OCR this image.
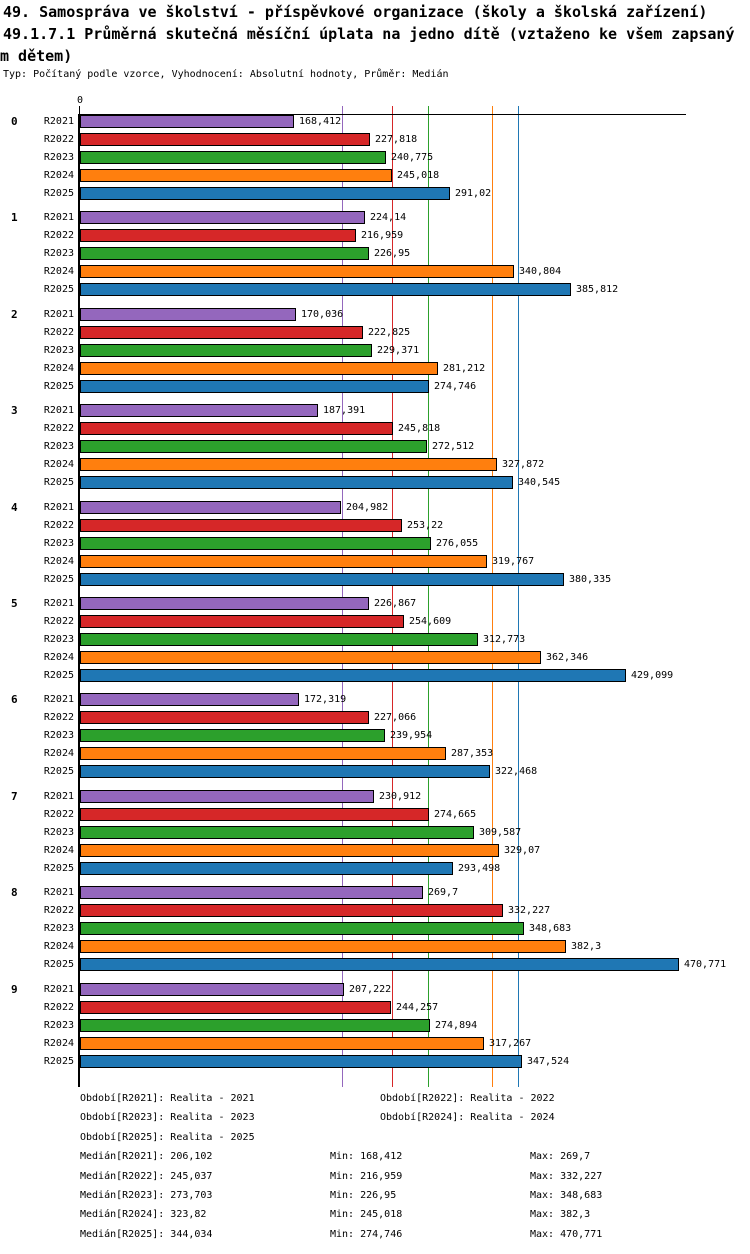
49. Samospráva ve školství - příspěvkové organizace (školy a školská zařízení)
49.1.7.1 Průměrná skutečná měsíční úplata na jedno dítě (vztaženo ke všem zapsaný
m dětem)
Typ: Počítaný podle vzorce, Vyhodnocení: Absolutní hodnoty, Průměr: Medián
0
0	R2021	168,412
R2022	227,818
R2023	240,775
R2024	245,018
R2025	291,02
1	R2021	224,14
R2022	216,959
R2023	226,95
R2024	340,804
R2025	385,812
2	R2021	170,036
R2022	222,825
R2023	229,371
R2024	281,212
R2025	274,746
3	R2021	187,391
R2022	245,818
R2023	272,512
R2024	327,872
R2025	340,545
4	R2021	204,982
R2022	253,22
R2023	276,055
R2024	319,767
R2025	380,335
5	R2021	226,867
R2022	254,609
R2023	312,773
R2024	362,346
R2025	429,099
6	R2021	172,319
R2022	227,066
R2023	239,954
R2024	287,353
R2025	322,468
7	R2021	230,912
R2022	274,665
R2023	309,587
R2024	329,07
R2025	293,498
8	R2021	269,7
R2022	332,227
R2023	348,683
R2024	382,3
R2025	470,771
9	R2021	207,222
R2022	244,257
R2023	274,894
R2024	317,267
R2025	347,524
Období[R2021]: Realita - 2021	Období[R2022]: Realita - 2022
Období[R2023]: Realita - 2023	Období[R2024]: Realita - 2024
Období[R2025]: Realita - 2025
Medián[R2021]: 206,102	Min: 168,412	Max: 269,7
Medián[R2022]: 245,037	Min: 216,959	Max: 332,227
Medián[R2023]: 273,703	Min: 226,95	Max: 348,683
Medián[R2024]: 323,82	Min: 245,018	Max: 382,3
Medián[R2025]: 344,034	Min: 274,746	Max: 470,771
